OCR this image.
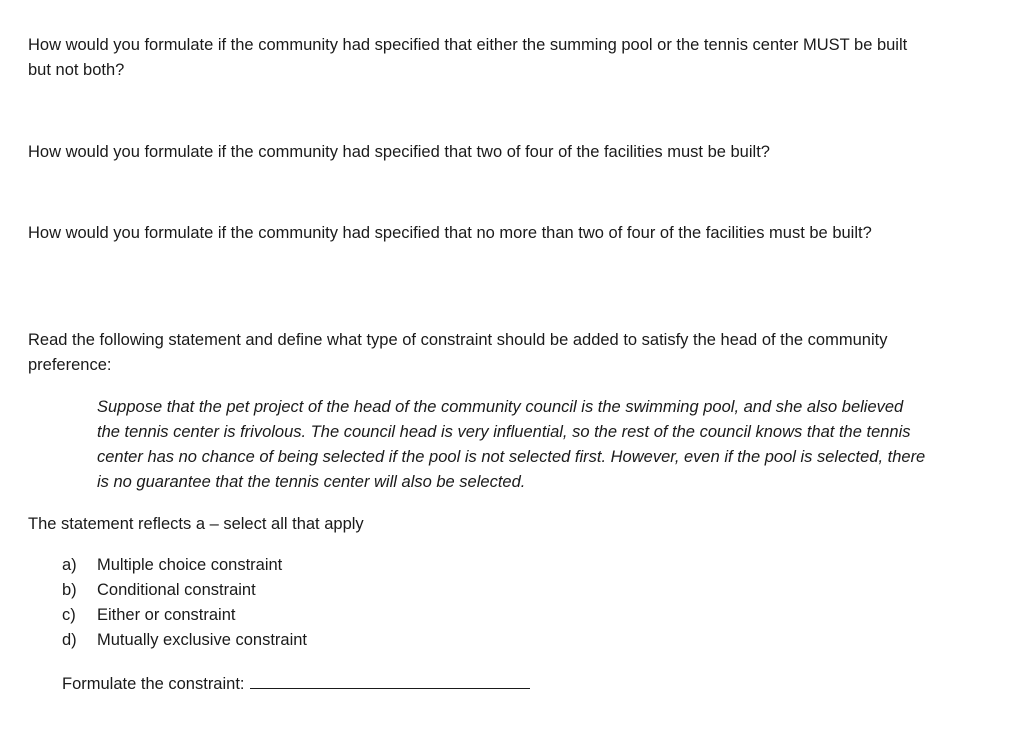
How would you formulate if the community had specified that either the summing pool or the tennis center MUST be built but not both?

How would you formulate if the community had specified that two of four of the facilities must be built?

How would you formulate if the community had specified that no more than two of four of the facilities must be built?

Read the following statement and define what type of constraint should be added to satisfy the head of the community preference:

Suppose that the pet project of the head of the community council is the swimming pool, and she also believed the tennis center is frivolous. The council head is very influential, so the rest of the council knows that the tennis center has no chance of being selected if the pool is not selected first. However, even if the pool is selected, there is no guarantee that the tennis center will also be selected.

The statement reflects a – select all that apply

a)	Multiple choice constraint
b)	Conditional constraint
c)	Either or constraint
d)	Mutually exclusive constraint
Formulate the constraint:
